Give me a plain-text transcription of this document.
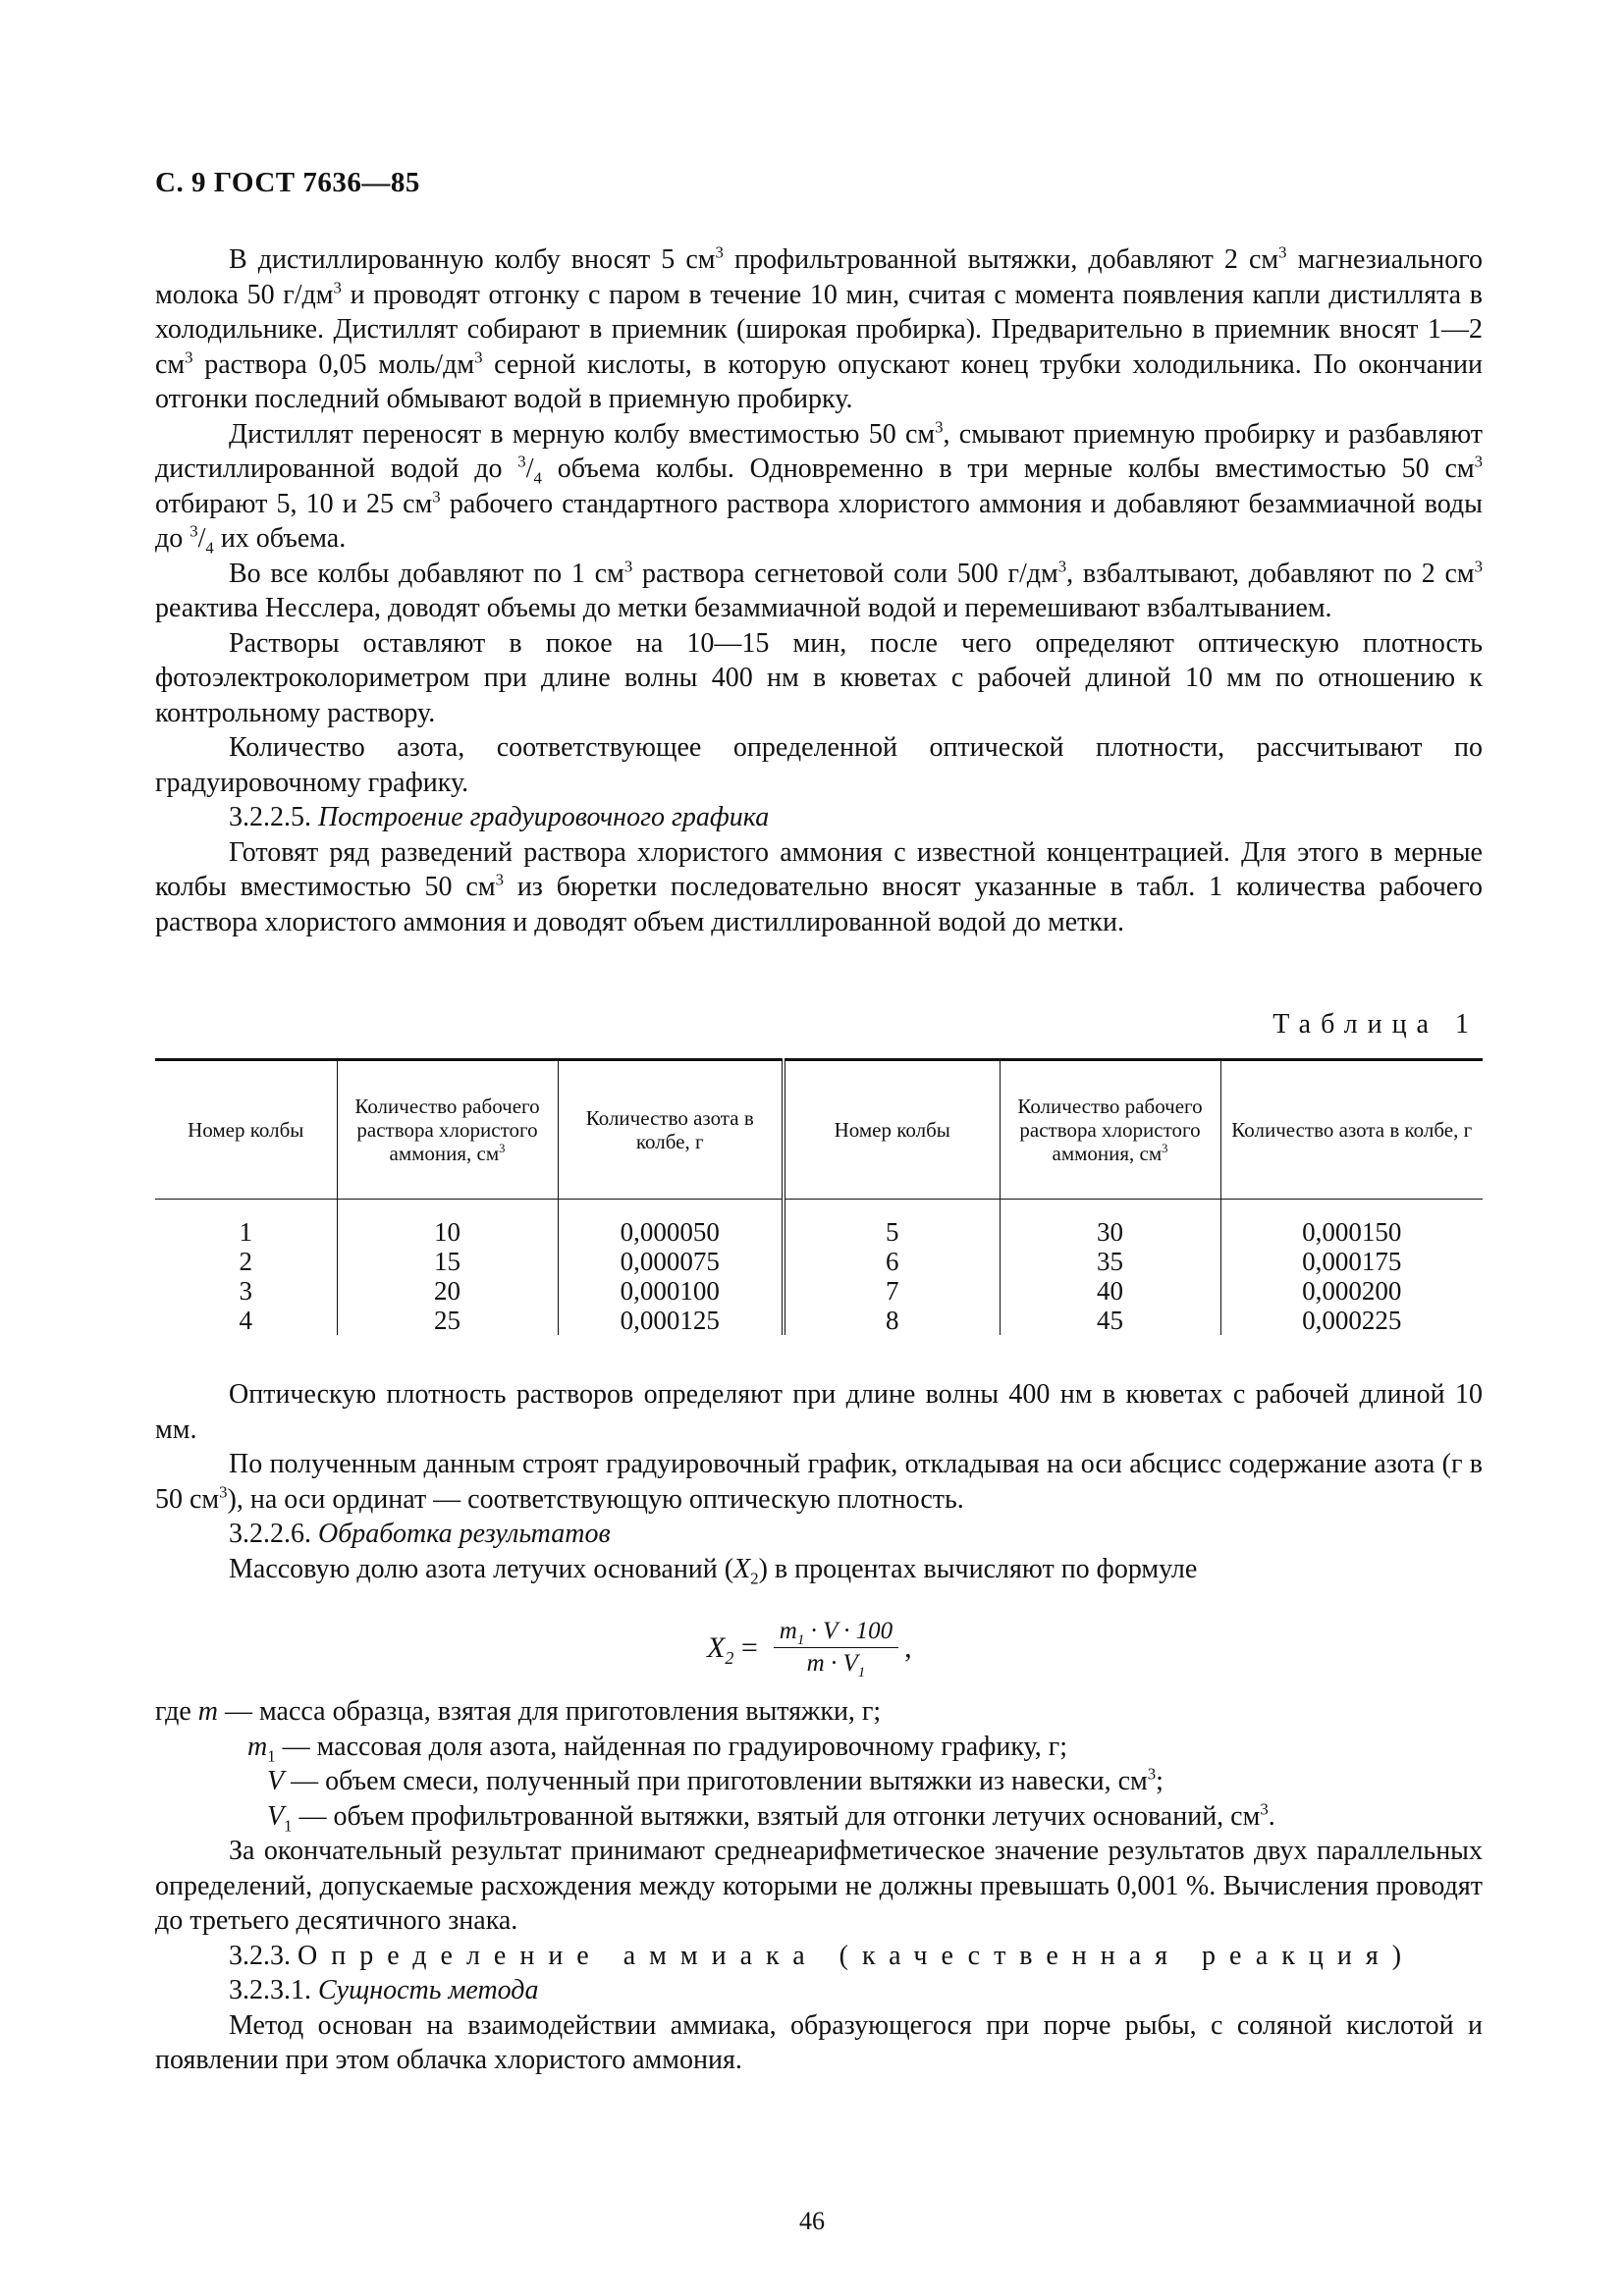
С. 9 ГОСТ 7636—85

В дистиллированную колбу вносят 5 $см^3$ профильтрованной вытяжки, добавляют 2 $см^3$ магнезиального молока 50 $г/дм^3$ и проводят отгонку с паром в течение 10 мин, считая с момента появления капли дистиллята в холодильнике. Дистиллят собирают в приемник (широкая пробирка). Предварительно в приемник вносят 1—2 $см^3$ раствора 0,05 моль/$дм^3$ серной кислоты, в которую опускают конец трубки холодильника. По окончании отгонки последний обмывают водой в приемную пробирку.

Дистиллят переносят в мерную колбу вместимостью 50 $см^3$, смывают приемную пробирку и разбавляют дистиллированной водой до $^3/_4$ объема колбы. Одновременно в три мерные колбы вместимостью 50 $см^3$ отбирают 5, 10 и 25 $см^3$ рабочего стандартного раствора хлористого аммония и добавляют безаммиачной воды до $^3/_4$ их объема.

Во все колбы добавляют по 1 $см^3$ раствора сегнетовой соли 500 $г/дм^3$, взбалтывают, добавляют по 2 $см^3$ реактива Несслера, доводят объемы до метки безаммиачной водой и перемешивают взбалтыванием.

Растворы оставляют в покое на 10—15 мин, после чего определяют оптическую плотность фотоэлектроколориметром при длине волны 400 нм в кюветах с рабочей длиной 10 мм по отношению к контрольному раствору.

Количество азота, соответствующее определенной оптической плотности, рассчитывают по градуировочному графику.

3.2.2.5. Построение градуировочного графика

Готовят ряд разведений раствора хлористого аммония с известной концентрацией. Для этого в мерные колбы вместимостью 50 $см^3$ из бюретки последовательно вносят указанные в табл. 1 количества рабочего раствора хлористого аммония и доводят объем дистиллированной водой до метки.

Таблица 1
Номер колбы	Количество рабочего раствора хлористого аммония, $см^3$	Количество азота в колбе, г	Номер колбы	Количество рабочего раствора хлористого аммония, $см^3$	Количество азота в колбе, г
1	10	0,000050	5	30	0,000150
2	15	0,000075	6	35	0,000175
3	20	0,000100	7	40	0,000200
4	25	0,000125	8	45	0,000225

Оптическую плотность растворов определяют при длине волны 400 нм в кюветах с рабочей длиной 10 мм.

По полученным данным строят градуировочный график, откладывая на оси абсцисс содержание азота (г в 50 $см^3$), на оси ординат — соответствующую оптическую плотность.

3.2.2.6. Обработка результатов

Массовую долю азота летучих оснований $(X_2)$ в процентах вычисляют по формуле

$X_2 = \frac{m_1 \cdot V \cdot 100}{m \cdot V_1}$ ,

где m — масса образца, взятая для приготовления вытяжки, г;

$m_1$ — массовая доля азота, найденная по градуировочному графику, г;

V — объем смеси, полученный при приготовлении вытяжки из навески, $см^3$;

$V_1$ — объем профильтрованной вытяжки, взятый для отгонки летучих оснований, $см^3$.

За окончательный результат принимают среднеарифметическое значение результатов двух параллельных определений, допускаемые расхождения между которыми не должны превышать 0,001 %. Вычисления проводят до третьего десятичного знака.

3.2.3. Определение аммиака (качественная реакция)

3.2.3.1. Сущность метода

Метод основан на взаимодействии аммиака, образующегося при порче рыбы, с соляной кислотой и появлении при этом облачка хлористого аммония.

46
